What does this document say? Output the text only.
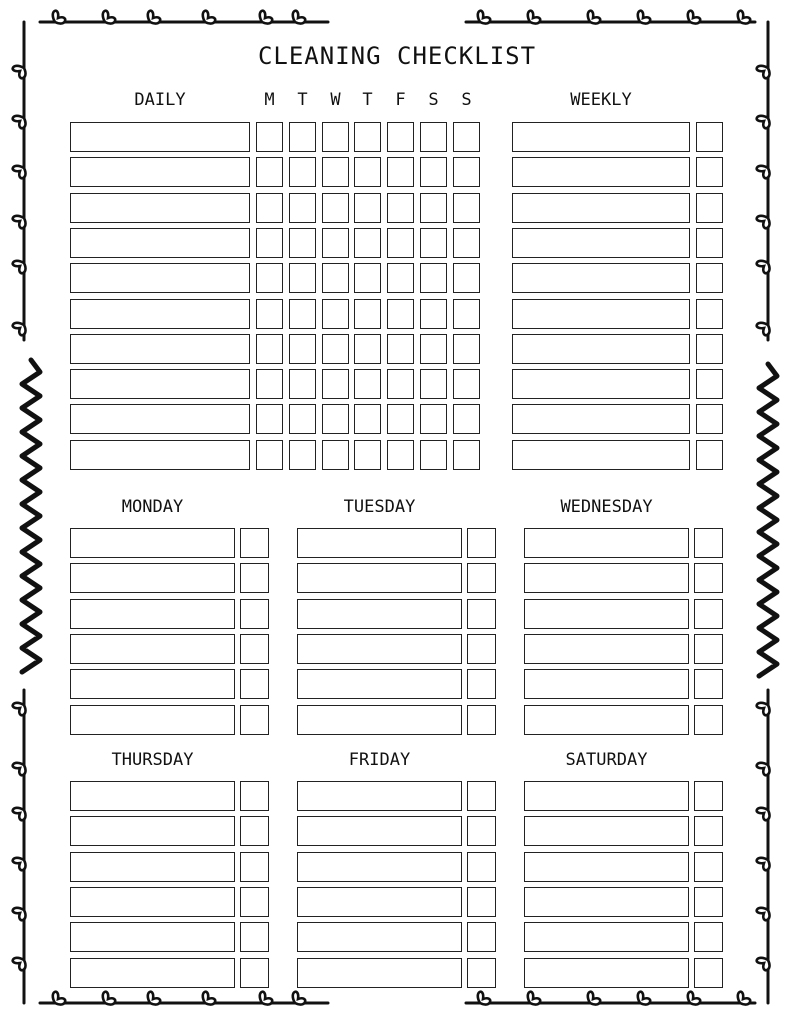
CLEANING CHECKLIST
DAILY	M	T	W	T	F	S	S	WEEKLY
MONDAY	TUESDAY	WEDNESDAY
THURSDAY	FRIDAY	SATURDAY
